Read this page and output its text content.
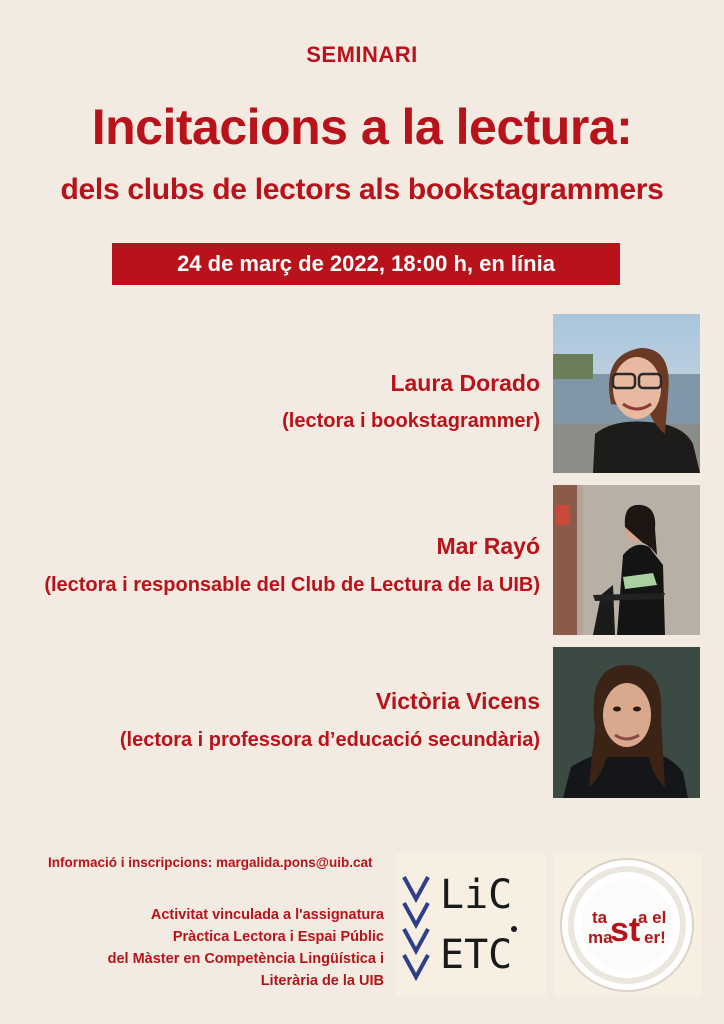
SEMINARI
Incitacions a la lectura:
dels clubs de lectors als bookstagrammers
24 de març de 2022, 18:00 h, en línia
Laura Dorado
(lectora i bookstagrammer)
Mar Rayó
(lectora i responsable del Club de Lectura de la UIB)
Victòria Vicens
(lectora i professora d’educació secundària)
Informació i inscripcions: margalida.pons@uib.cat
Activitat vinculada a l'assignatura
Pràctica Lectora i Espai Públic
del Màster en Competència Lingüística i
Literària de la UIB
LiC
ETC
ta a el
ma er!
st
